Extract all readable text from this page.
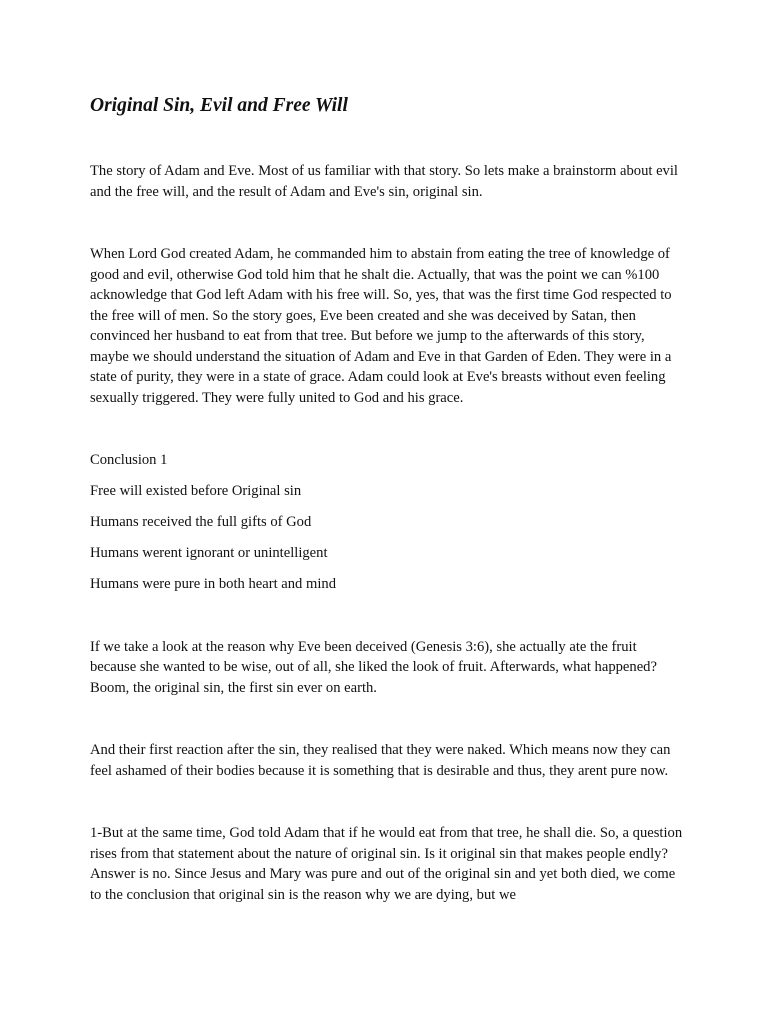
Original Sin, Evil and Free Will

The story of Adam and Eve. Most of us familiar with that story. So lets make a brainstorm about evil and the free will, and the result of Adam and Eve's sin, original sin.

When Lord God created Adam, he commanded him to abstain from eating the tree of knowledge of good and evil, otherwise God told him that he shalt die. Actually, that was the point we can %100 acknowledge that God left Adam with his free will. So, yes, that was the first time God respected to the free will of men. So the story goes, Eve been created and she was deceived by Satan, then convinced her husband to eat from that tree. But before we jump to the afterwards of this story, maybe we should understand the situation of Adam and Eve in that Garden of Eden. They were in a state of purity, they were in a state of grace. Adam could look at Eve's breasts without even feeling sexually triggered. They were fully united to God and his grace.

Conclusion 1

Free will existed before Original sin

Humans received the full gifts of God

Humans werent ignorant or unintelligent

Humans were pure in both heart and mind

If we take a look at the reason why Eve been deceived (Genesis 3:6), she actually ate the fruit because she wanted to be wise, out of all, she liked the look of fruit. Afterwards, what happened? Boom, the original sin, the first sin ever on earth.

And their first reaction after the sin, they realised that they were naked. Which means now they can feel ashamed of their bodies because it is something that is desirable and thus, they arent pure now.

1-But at the same time, God told Adam that if he would eat from that tree, he shall die. So, a question rises from that statement about the nature of original sin. Is it original sin that makes people endly? Answer is no. Since Jesus and Mary was pure and out of the original sin and yet both died, we come to the conclusion that original sin is the reason why we are dying, but we
